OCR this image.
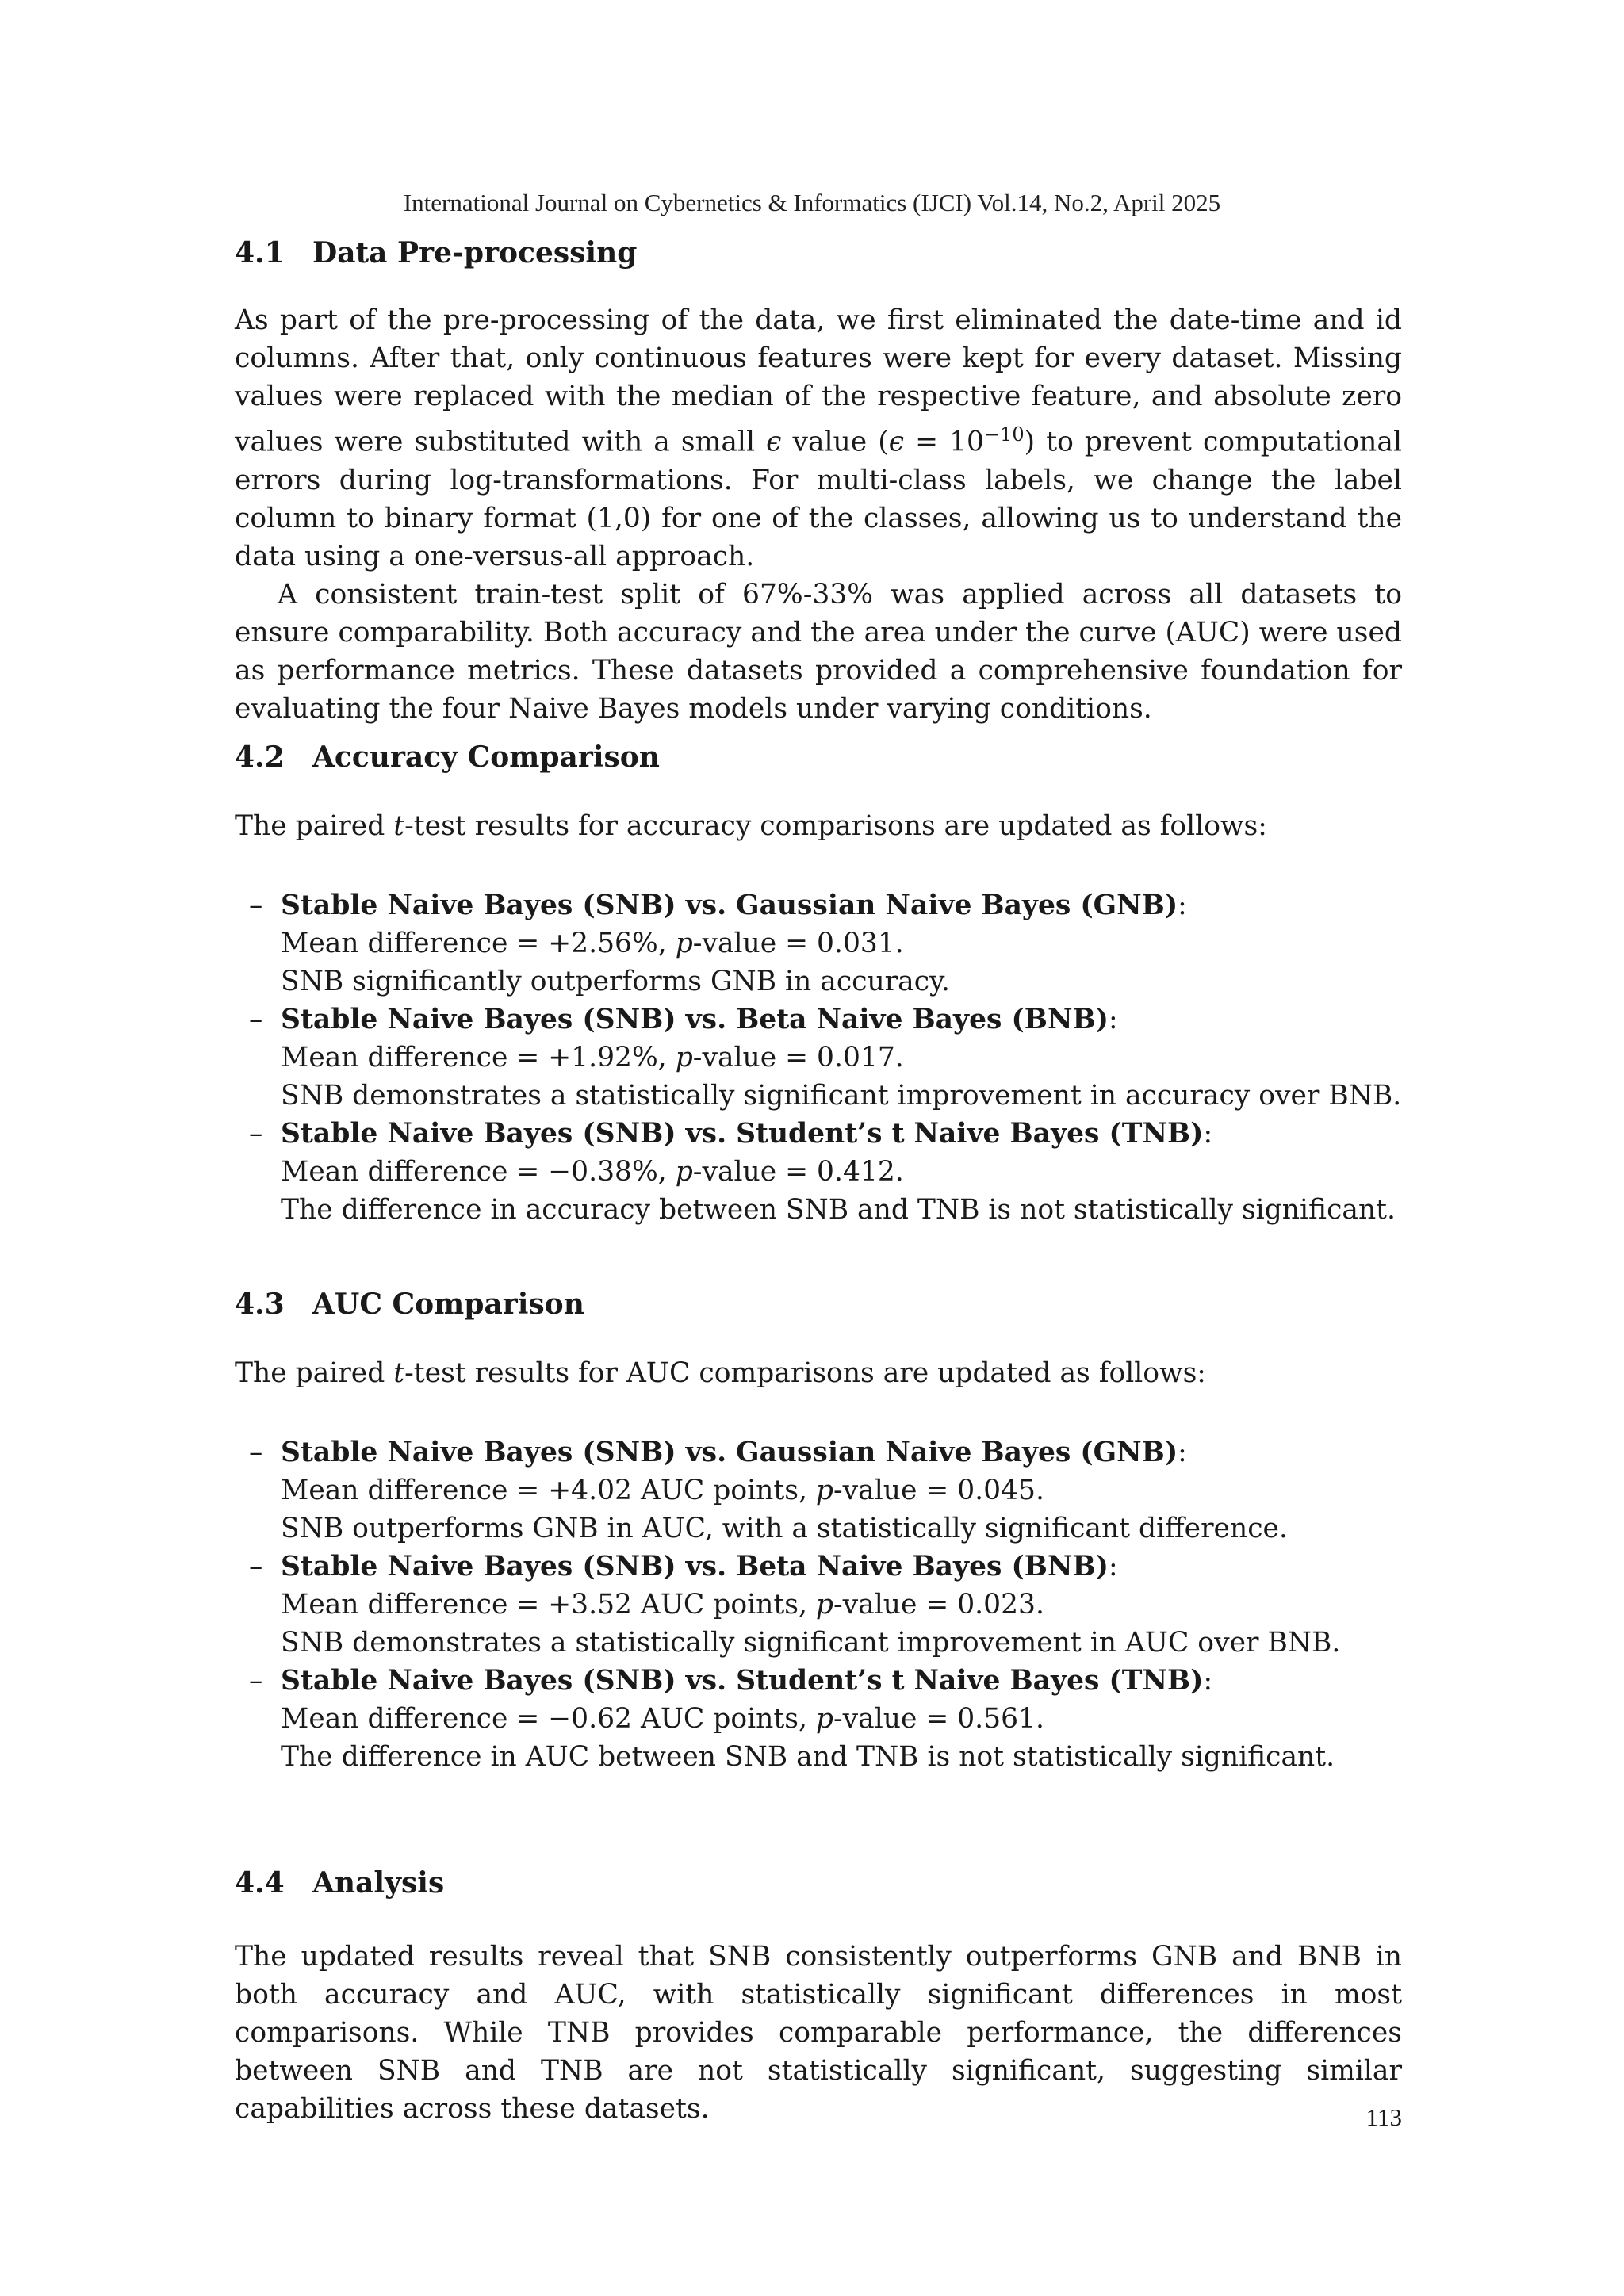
International Journal on Cybernetics & Informatics (IJCI) Vol.14, No.2, April 2025
4.1 Data Pre-processing

As part of the pre-processing of the data, we first eliminated the date-time and id columns. After that, only continuous features were kept for every dataset. Missing values were replaced with the median of the respective feature, and absolute zero values were substituted with a small ϵ value $(\epsilon = 10^{-10})$ to prevent computational errors during log-transformations. For multi-class labels, we change the label column to binary format (1,0) for one of the classes, allowing us to understand the data using a one-versus-all approach.

A consistent train-test split of 67%-33% was applied across all datasets to ensure comparability. Both accuracy and the area under the curve (AUC) were used as performance metrics. These datasets provided a comprehensive foundation for evaluating the four Naive Bayes models under varying conditions.

4.2 Accuracy Comparison

The paired t-test results for accuracy comparisons are updated as follows:

– Stable Naive Bayes (SNB) vs. Gaussian Naive Bayes (GNB):
Mean difference = +2.56%, p-value = 0.031.
SNB significantly outperforms GNB in accuracy.
– Stable Naive Bayes (SNB) vs. Beta Naive Bayes (BNB):
Mean difference = +1.92%, p-value = 0.017.
SNB demonstrates a statistically significant improvement in accuracy over BNB.
– Stable Naive Bayes (SNB) vs. Student’s t Naive Bayes (TNB):
Mean difference = −0.38%, p-value = 0.412.
The difference in accuracy between SNB and TNB is not statistically significant.
4.3 AUC Comparison

The paired t-test results for AUC comparisons are updated as follows:

– Stable Naive Bayes (SNB) vs. Gaussian Naive Bayes (GNB):
Mean difference = +4.02 AUC points, p-value = 0.045.
SNB outperforms GNB in AUC, with a statistically significant difference.
– Stable Naive Bayes (SNB) vs. Beta Naive Bayes (BNB):
Mean difference = +3.52 AUC points, p-value = 0.023.
SNB demonstrates a statistically significant improvement in AUC over BNB.
– Stable Naive Bayes (SNB) vs. Student’s t Naive Bayes (TNB):
Mean difference = −0.62 AUC points, p-value = 0.561.
The difference in AUC between SNB and TNB is not statistically significant.
4.4 Analysis

The updated results reveal that SNB consistently outperforms GNB and BNB in both accuracy and AUC, with statistically significant differences in most comparisons. While TNB provides comparable performance, the differences between SNB and TNB are not statistically significant, suggesting similar capabilities across these datasets.	113
